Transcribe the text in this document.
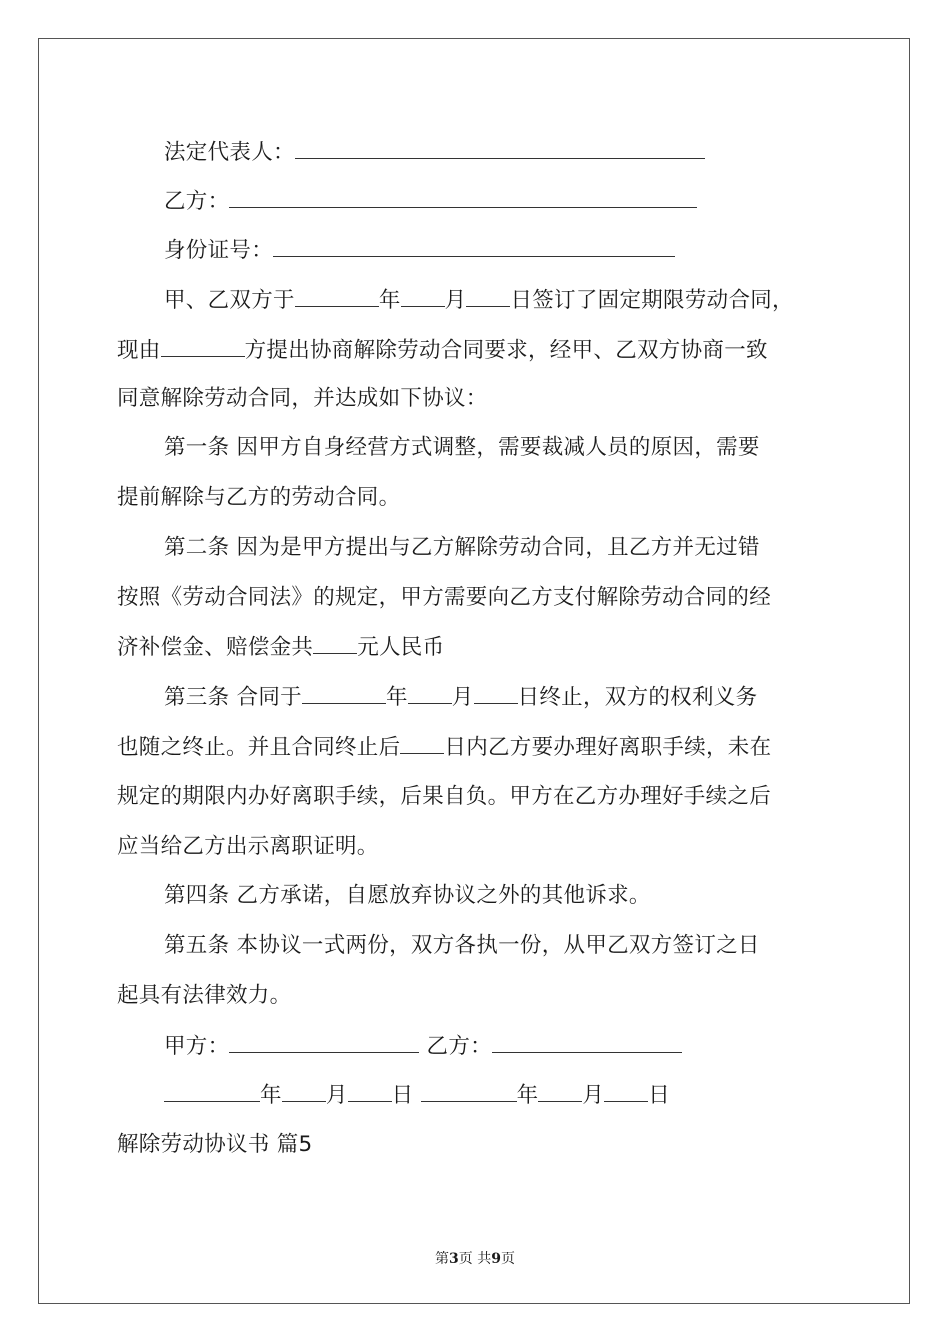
法定代表人：
乙方：
身份证号：
甲、乙双方于	年 月 日签订了固定期限劳动合同，
现由	方提出协商解除劳动合同要求，经甲、乙双方协商一致
同意解除劳动合同，并达成如下协议：
第一条 因甲方自身经营方式调整，需要裁减人员的原因，需要
提前解除与乙方的劳动合同。
第二条 因为是甲方提出与乙方解除劳动合同，且乙方并无过错
按照《劳动合同法》的规定，甲方需要向乙方支付解除劳动合同的经
济补偿金、赔偿金共 元人民币
第三条 合同于	年 月 日终止，双方的权利义务
也随之终止。并且合同终止后 日内乙方要办理好离职手续，未在
规定的期限内办好离职手续，后果自负。甲方在乙方办理好手续之后
应当给乙方出示离职证明。
第四条 乙方承诺，自愿放弃协议之外的其他诉求。
第五条 本协议一式两份，双方各执一份，从甲乙双方签订之日
起具有法律效力。
甲方：	乙方：
年 月 日	年 月 日
解除劳动协议书 篇5
第3页 共9页
